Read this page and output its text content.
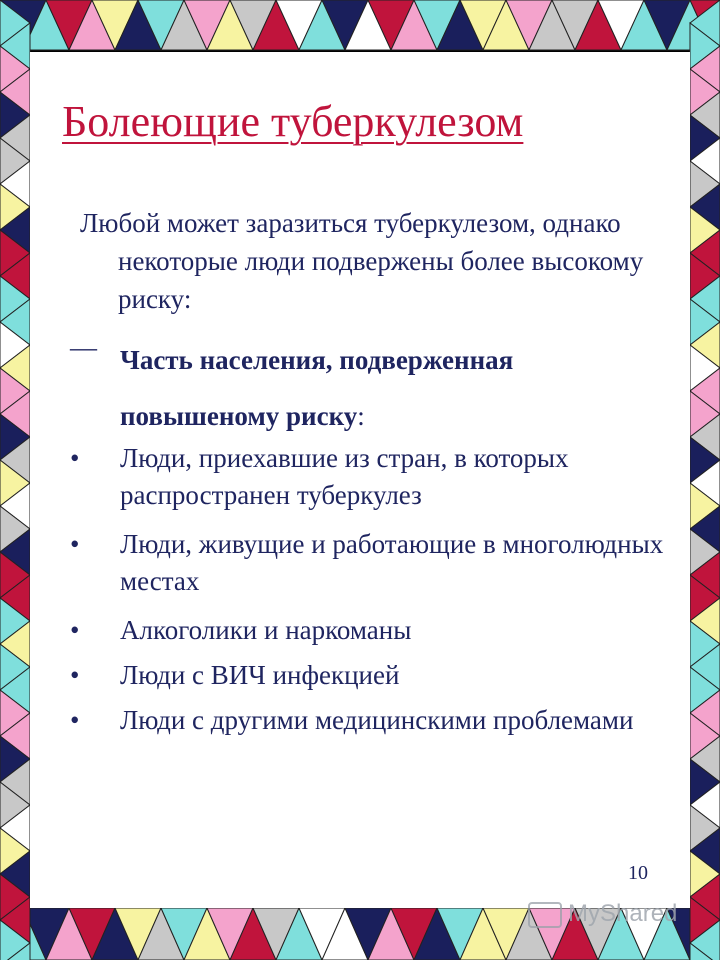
Болеющие туберкулезом
Любой может заразиться туберкулезом, однако некоторые люди подвержены более высокому риску:
— Часть населения, подверженная повышеному риску:
• Люди, приехавшие из стран, в которых распространен туберкулез
• Люди, живущие и работающие в многолюдных местах
• Алкоголики и наркоманы
• Люди с ВИЧ инфекцией
• Люди с другими медицинскими проблемами
10
MyShared
